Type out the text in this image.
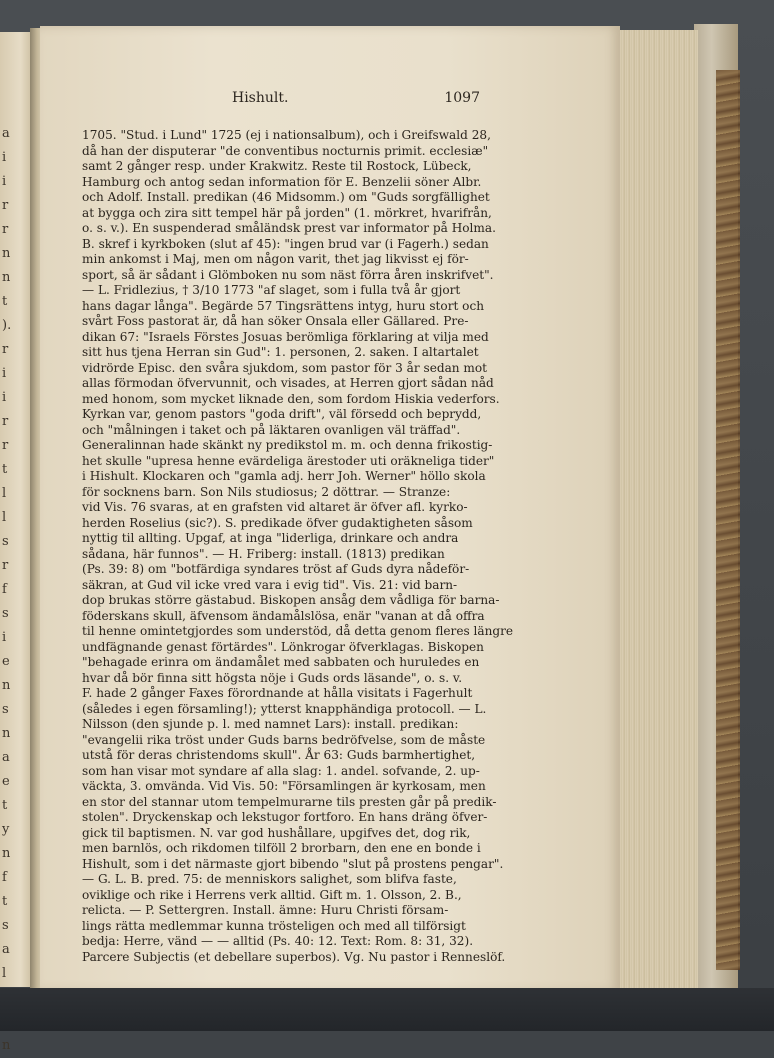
a
i
i
r
r
n
n
t
).
r
i
i
r
r
t
l
l
s
r
f
s
i
e
n
s
n
a
e
t
y
n
f
t
s
a
l
n
Hishult.	1097
1705. "Stud. i Lund" 1725 (ej i nationsalbum), och i Greifswald 28,
då han der disputerar "de conventibus nocturnis primit. ecclesiæ"
samt 2 gånger resp. under Krakwitz. Reste til Rostock, Lübeck,
Hamburg och antog sedan information för E. Benzelii söner Albr.
och Adolf. Install. predikan (46 Midsomm.) om "Guds sorgfällighet
at bygga och zira sitt tempel här på jorden" (1. mörkret, hvarifrån,
o. s. v.). En suspenderad småländsk prest var informator på Holma.
B. skref i kyrkboken (slut af 45): "ingen brud var (i Fagerh.) sedan
min ankomst i Maj, men om någon varit, thet jag likvisst ej för-
sport, så är sådant i Glömboken nu som näst förra åren inskrifvet".
— L. Fridlezius, † 3/10 1773 "af slaget, som i fulla två år gjort
hans dagar långa". Begärde 57 Tingsrättens intyg, huru stort och
svårt Foss pastorat är, då han söker Onsala eller Gällared. Pre-
dikan 67: "Israels Förstes Josuas berömliga förklaring at vilja med
sitt hus tjena Herran sin Gud": 1. personen, 2. saken. I altartalet
vidrörde Episc. den svåra sjukdom, som pastor för 3 år sedan mot
allas förmodan öfvervunnit, och visades, at Herren gjort sådan nåd
med honom, som mycket liknade den, som fordom Hiskia vederfors.
Kyrkan var, genom pastors "goda drift", väl försedd och beprydd,
och "målningen i taket och på läktaren ovanligen väl träffad".
Generalinnan hade skänkt ny predikstol m. m. och denna frikostig-
het skulle "upresa henne evärdeliga ärestoder uti oräkneliga tider"
i Hishult. Klockaren och "gamla adj. herr Joh. Werner" höllo skola
för socknens barn. Son Nils studiosus; 2 döttrar. — Stranze:
vid Vis. 76 svaras, at en grafsten vid altaret är öfver afl. kyrko-
herden Roselius (sic?). S. predikade öfver gudaktigheten såsom
nyttig til allting. Upgaf, at inga "liderliga, drinkare och andra
sådana, här funnos". — H. Friberg: install. (1813) predikan
(Ps. 39: 8) om "botfärdiga syndares tröst af Guds dyra nådeför-
säkran, at Gud vil icke vred vara i evig tid". Vis. 21: vid barn-
dop brukas större gästabud. Biskopen ansåg dem vådliga för barna-
föderskans skull, äfvensom ändamålslösa, enär "vanan at då offra
til henne omintetgjordes som understöd, då detta genom fleres längre
undfägnande genast förtärdes". Lönkrogar öfverklagas. Biskopen
"behagade erinra om ändamålet med sabbaten och huruledes en
hvar då bör finna sitt högsta nöje i Guds ords läsande", o. s. v.
F. hade 2 gånger Faxes förordnande at hålla visitats i Fagerhult
(således i egen församling!); ytterst knapphändiga protocoll. — L.
Nilsson (den sjunde p. l. med namnet Lars): install. predikan:
"evangelii rika tröst under Guds barns bedröfvelse, som de måste
utstå för deras christendoms skull". År 63: Guds barmhertighet,
som han visar mot syndare af alla slag: 1. andel. sofvande, 2. up-
väckta, 3. omvända. Vid Vis. 50: "Församlingen är kyrkosam, men
en stor del stannar utom tempelmurarne tils presten går på predik-
stolen". Dryckenskap och lekstugor fortforo. En hans dräng öfver-
gick til baptismen. N. var god hushållare, upgifves det, dog rik,
men barnlös, och rikdomen tilföll 2 brorbarn, den ene en bonde i
Hishult, som i det närmaste gjort bibendo "slut på prostens pengar".
— G. L. B. pred. 75: de menniskors salighet, som blifva faste,
oviklige och rike i Herrens verk alltid. Gift m. 1. Olsson, 2. B.,
relicta. — P. Settergren. Install. ämne: Huru Christi försam-
lings rätta medlemmar kunna trösteligen och med all tilförsigt
bedja: Herre, vänd — — alltid (Ps. 40: 12. Text: Rom. 8: 31, 32).
Parcere Subjectis (et debellare superbos). Vg. Nu pastor i Renneslöf.
